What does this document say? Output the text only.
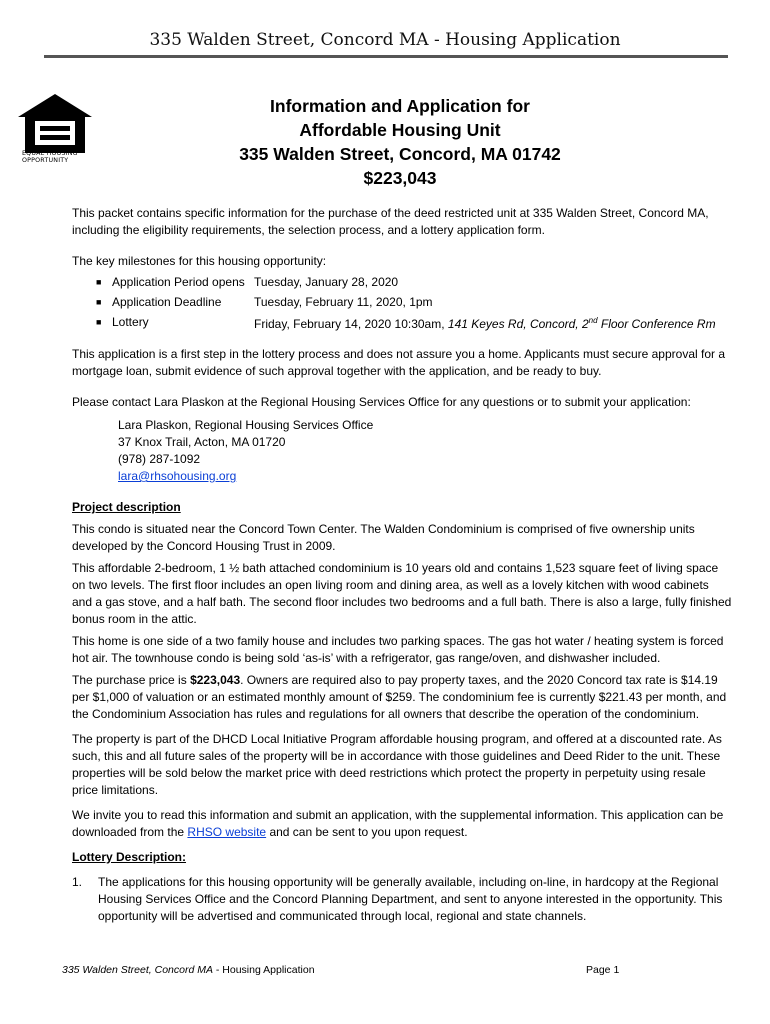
335 Walden Street, Concord MA - Housing Application
EQUAL HOUSING
OPPORTUNITY
Information and Application for
Affordable Housing Unit
335 Walden Street, Concord, MA 01742
$223,043

This packet contains specific information for the purchase of the deed restricted unit at 335 Walden Street, Concord MA, including the eligibility requirements, the selection process, and a lottery application form.

The key milestones for this housing opportunity:

■ Application Period opens Tuesday, January 28, 2020
■ Application Deadline	Tuesday, February 11, 2020, 1pm
■ Lottery	Friday, February 14, 2020 10:30am, 141 Keyes Rd, Concord, 2nd Floor Conference Rm

This application is a first step in the lottery process and does not assure you a home. Applicants must secure approval for a mortgage loan, submit evidence of such approval together with the application, and be ready to buy.

Please contact Lara Plaskon at the Regional Housing Services Office for any questions or to submit your application:

Lara Plaskon, Regional Housing Services Office
37 Knox Trail, Acton, MA 01720
(978) 287-1092
lara@rhsohousing.org

Project description

This condo is situated near the Concord Town Center. The Walden Condominium is comprised of five ownership units developed by the Concord Housing Trust in 2009.

This affordable 2-bedroom, 1 ½ bath attached condominium is 10 years old and contains 1,523 square feet of living space on two levels. The first floor includes an open living room and dining area, as well as a lovely kitchen with wood cabinets and a gas stove, and a half bath. The second floor includes two bedrooms and a full bath. There is also a large, fully finished bonus room in the attic.

This home is one side of a two family house and includes two parking spaces. The gas hot water / heating system is forced hot air. The townhouse condo is being sold ‘as-is’ with a refrigerator, gas range/oven, and dishwasher included.

The purchase price is $223,043. Owners are required also to pay property taxes, and the 2020 Concord tax rate is $14.19 per $1,000 of valuation or an estimated monthly amount of $259. The condominium fee is currently $221.43 per month, and the Condominium Association has rules and regulations for all owners that describe the operation of the condominium.

The property is part of the DHCD Local Initiative Program affordable housing program, and offered at a discounted rate. As such, this and all future sales of the property will be in accordance with those guidelines and Deed Rider to the unit. These properties will be sold below the market price with deed restrictions which protect the property in perpetuity using resale price limitations.

We invite you to read this information and submit an application, with the supplemental information. This application can be downloaded from the RHSO website and can be sent to you upon request.

Lottery Description:

1.	The applications for this housing opportunity will be generally available, including on-line, in hardcopy at the Regional Housing Services Office and the Concord Planning Department, and sent to anyone interested in the opportunity. This opportunity will be advertised and communicated through local, regional and state channels.
335 Walden Street, Concord MA - Housing Application	Page 1
